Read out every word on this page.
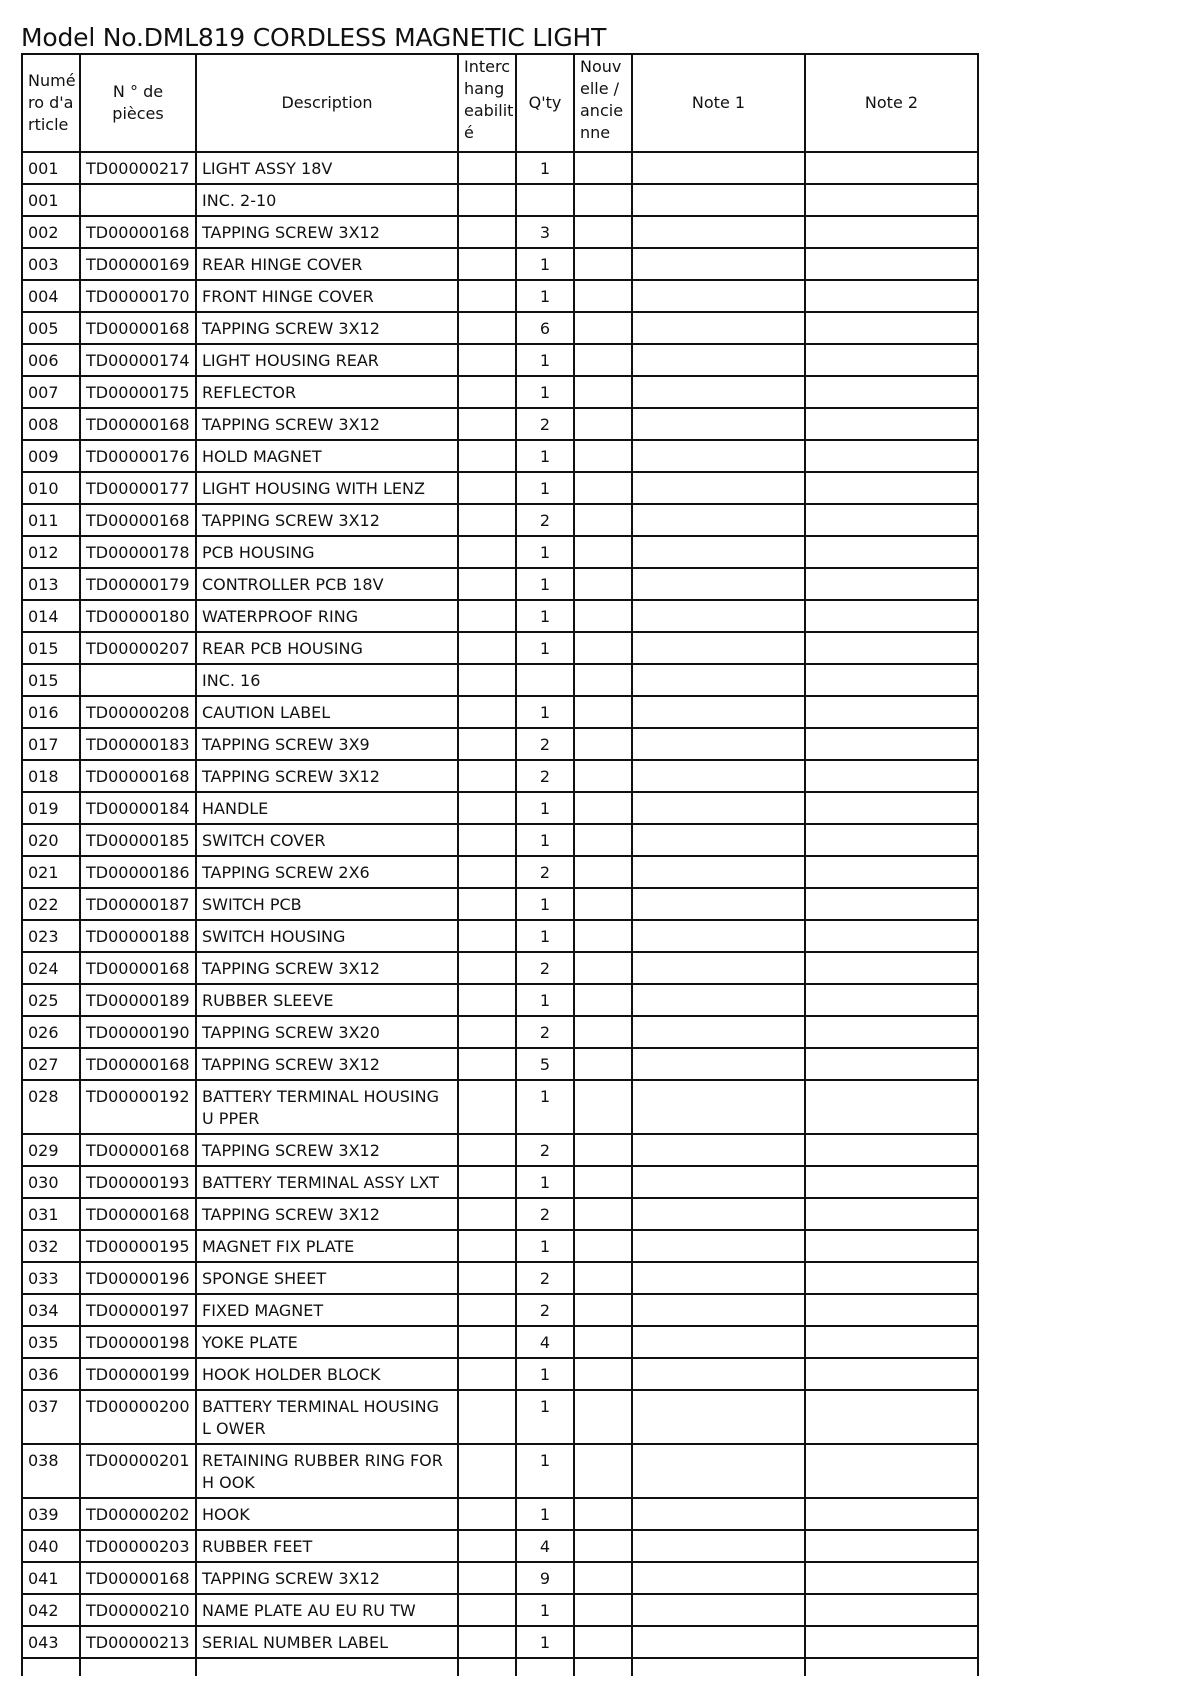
Model No.DML819 CORDLESS MAGNETIC LIGHT
Numé ro d'a rticle	N ° de pièces	Description	Interc hang eabilit é	Q'ty	Nouv elle / ancie nne	Note 1	Note 2
001	TD00000217	LIGHT ASSY 18V		1			
001		INC. 2-10					
002	TD00000168	TAPPING SCREW 3X12		3			
003	TD00000169	REAR HINGE COVER		1			
004	TD00000170	FRONT HINGE COVER		1			
005	TD00000168	TAPPING SCREW 3X12		6			
006	TD00000174	LIGHT HOUSING REAR		1			
007	TD00000175	REFLECTOR		1			
008	TD00000168	TAPPING SCREW 3X12		2			
009	TD00000176	HOLD MAGNET		1			
010	TD00000177	LIGHT HOUSING WITH LENZ		1			
011	TD00000168	TAPPING SCREW 3X12		2			
012	TD00000178	PCB HOUSING		1			
013	TD00000179	CONTROLLER PCB 18V		1			
014	TD00000180	WATERPROOF RING		1			
015	TD00000207	REAR PCB HOUSING		1			
015		INC. 16					
016	TD00000208	CAUTION LABEL		1			
017	TD00000183	TAPPING SCREW 3X9		2			
018	TD00000168	TAPPING SCREW 3X12		2			
019	TD00000184	HANDLE		1			
020	TD00000185	SWITCH COVER		1			
021	TD00000186	TAPPING SCREW 2X6		2			
022	TD00000187	SWITCH PCB		1			
023	TD00000188	SWITCH HOUSING		1			
024	TD00000168	TAPPING SCREW 3X12		2			
025	TD00000189	RUBBER SLEEVE		1			
026	TD00000190	TAPPING SCREW 3X20		2			
027	TD00000168	TAPPING SCREW 3X12		5			
028	TD00000192	BATTERY TERMINAL HOUSING U PPER		1			
029	TD00000168	TAPPING SCREW 3X12		2			
030	TD00000193	BATTERY TERMINAL ASSY LXT		1			
031	TD00000168	TAPPING SCREW 3X12		2			
032	TD00000195	MAGNET FIX PLATE		1			
033	TD00000196	SPONGE SHEET		2			
034	TD00000197	FIXED MAGNET		2			
035	TD00000198	YOKE PLATE		4			
036	TD00000199	HOOK HOLDER BLOCK		1			
037	TD00000200	BATTERY TERMINAL HOUSING L OWER		1			
038	TD00000201	RETAINING RUBBER RING FOR H OOK		1			
039	TD00000202	HOOK		1			
040	TD00000203	RUBBER FEET		4			
041	TD00000168	TAPPING SCREW 3X12		9			
042	TD00000210	NAME PLATE AU EU RU TW		1			
043	TD00000213	SERIAL NUMBER LABEL		1			
